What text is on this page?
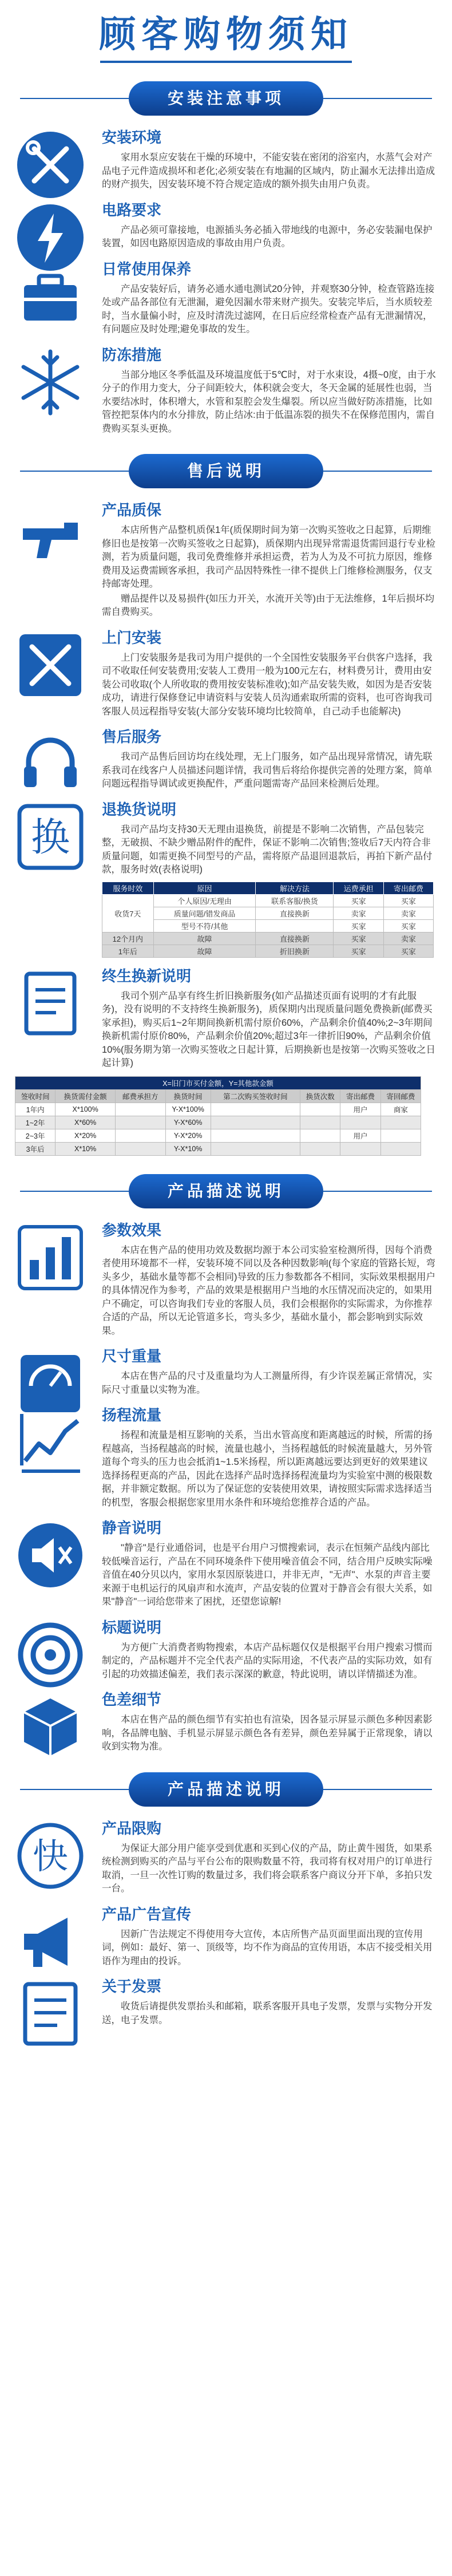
顾客购物须知
安装注意事项
安装环境

家用水泵应安装在干燥的环境中，不能安装在密闭的浴室内，水蒸气会对产品电子元件造成损坏和老化;必须安装在有地漏的区域内，防止漏水无法排出造成的财产损失，因安装环境不符合规定造成的额外损失由用户负责。

电路要求

产品必须可靠接地，电源插头务必插入带地线的电源中，务必安装漏电保护装置，如因电路原因造成的事故由用户负责。

日常使用保养

产品安装好后，请务必通水通电测试20分钟，并观察30分钟，检查管路连接处或产品各部位有无泄漏，避免因漏水带来财产损失。安装完毕后，当水质较差时，当水量偏小时，应及时清洗过滤网，在日后应经常检查产品有无泄漏情况，有问题应及时处理;避免事故的发生。

防冻措施

当部分地区冬季低温及环境温度低于5℃时，对于水束设，4摄~0度，由于水分子的作用力变大，分子间距较大，体积就会变大，冬天金属的延展性也弱，当水要结冰时，体积增大，水管和泵腔会发生爆裂。所以应当做好防冻措施，比如管控把泵体内的水分排放，防止结冰:由于低温冻裂的损失不在保修范围内，需自费购买泵头更换。

售后说明
产品质保

本店所售产品整机质保1年(质保期时间为第一次购买签收之日起算，后期维修旧也是按第一次购买签收之日起算)，质保期内出现异常需退货需回退行专业检测，若为质量问题，我司免费维修并承担运费，若为人为及不可抗力原因，维修费用及运费需顾客承担，我司产品因特殊性一律不提供上门维修检测服务，仅支持邮寄处理。

赠品提件以及易损件(如压力开关，水流开关等)由于无法维修，1年后损坏均需自费购买。

上门安装

上门安装服务是我司为用户提供的一个全国性安装服务平台供客户选择，我司不收取任何安装费用;安装人工费用一般为100元左右，材料费另计，费用由安装公司收取(个人所收取的费用按安装标准收);如产品安装失败，如因为是否安装成功，请进行保修登记申请资料与安装人员沟通索取所需的资料，也可咨询我司客服人员远程指导安装(大部分安装环境均比较简单，自己动手也能解决)

售后服务

我司产品售后回访均在线处理，无上门服务，如产品出现异常情况，请先联系我司在线客户人员描述问题详情，我司售后将给你提供完善的处理方案，简单问题远程指导调试或更换配件，严重问题需寄产品回来检测后处理。

换
退换货说明

我司产品均支持30天无理由退换货，前提是不影响二次销售，产品包装完整，无破损、不缺少赠品附件的配件，保证不影响二次销售;签收后7天内符合非质量问题，如需更换不同型号的产品，需将原产品退回退款后，再拍下新产品付款，服务时效(表格说明)

服务时效	原因	解决方法	运费承担	寄出邮费
收货7天	个人原因/无理由	联系客服/换货	买家	买家
	质量问题/错发商品	直接换新	卖家	卖家
	型号不符/其他		买家	买家
12个月内	故障	直接换新	买家	卖家
1年后	故障	折旧换新	买家	买家
终生换新说明

我司个别产品享有终生折旧换新服务(如产品描述页面有说明的才有此服务)，没有说明的不支持终生换新服务)，质保期内出现质量问题免费换新(邮费买家承担)，购买后1~2年期间换新机需付原价60%，产品剩余价值40%;2~3年期间换新机需付原价80%，产品剩余价值20%;超过3年一律折旧90%，产品剩余价值10%(服务期为第一次购买签收之日起计算，后期换新也是按第一次购买签收之日起计算)

X=旧门市买付金额，Y=其他款金额							
签收时间	换货需付金额	邮费承担方	换货时间	第二次购买签收时间	换货次数	寄出邮费	寄回邮费
1年内	X*100%		Y-X*100%			用户	商家
1~2年	X*60%		Y-X*60%				
2~3年	X*20%		Y-X*20%			用户	
3年后	X*10%		Y-X*10%				
产品描述说明
参数效果

本店在售产品的使用功效及数据均源于本公司实验室检测所得，因每个消费者使用环境都不一样，安装环境不同以及各种因数影响(每个家庭的管路长短，弯头多少，基础水量等都不会相同)导致的压力参数都各不相同，实际效果根据用户的具体情况作为参考，产品的效果是根据用户当地的水压情况而决定的，如果用户不确定，可以咨询我们专业的客服人员，我们会根据你的实际需求，为你推荐合适的产品，所以无论管道多长，弯头多少，基础水量小，都会影响到实际效果。

尺寸重量

本店在售产品的尺寸及重量均为人工测量所得，有少许误差属正常情况，实际尺寸重量以实物为准。

扬程流量

扬程和流量是相互影响的关系，当出水管高度和距离越远的时候，所需的扬程越高，当扬程越高的时候，流量也越小，当扬程越低的时候流量越大，另外管道每个弯头的压力也会抵消1~1.5米扬程，所以距离越远要达到更好的效果建议选择扬程更高的产品，因此在选择产品时选择扬程流量均为实验室中测的极限数据，并非额定数据。所以为了保证您的安装使用效果，请按照实际需求选择适当的机型，客服会根据您家里用水条件和环境给您推荐合适的产品。

静音说明

"静音"是行业通俗词，也是平台用户习惯搜索词，表示在恒频产品线内部比较低噪音运行，产品在不同环境条件下使用噪音值会不同，结合用户反映实际噪音值在40分贝以内，家用水泵因原装进口，并非无声，"无声"、水泵的声音主要来源于电机运行的风扇声和水流声，产品安装的位置对于静音会有很大关系，如果"静音"一词给您带来了困扰，还望您谅解!

标题说明

为方便广大消费者购物搜索，本店产品标题仅仅是根据平台用户搜索习惯而制定的，产品标题并不完全代表产品的实际用途，不代表产品的实际功效，如有引起的功效描述偏差，我们表示深深的歉意，特此说明，请以详情描述为准。

色差细节

本店在售产品的颜色细节有实拍也有渲染，因各显示屏显示颜色多种因素影响，各品牌电脑、手机显示屏显示颜色各有差异，颜色差异属于正常现象，请以收到实物为准。

产品描述说明
快
产品限购

为保证大部分用户能享受到优惠和买到心仪的产品，防止黄牛囤货，如果系统检测到购买的产品与平台公布的限购数量不符，我司将有权对用户的订单进行取消，一旦一次性订购的数量过多，我们将会联系客户商议分开下单，多拍只发一台。

产品广告宣传

因新广告法规定不得使用夸大宣传，本店所售产品页面里面出现的宣传用词，例如：最好、第一、顶级等，均不作为商品的宣传用语，本店不接受相关用语作为理由的投诉。

关于发票

收货后请提供发票抬头和邮箱，联系客服开具电子发票，发票与实物分开发送，电子发票。
